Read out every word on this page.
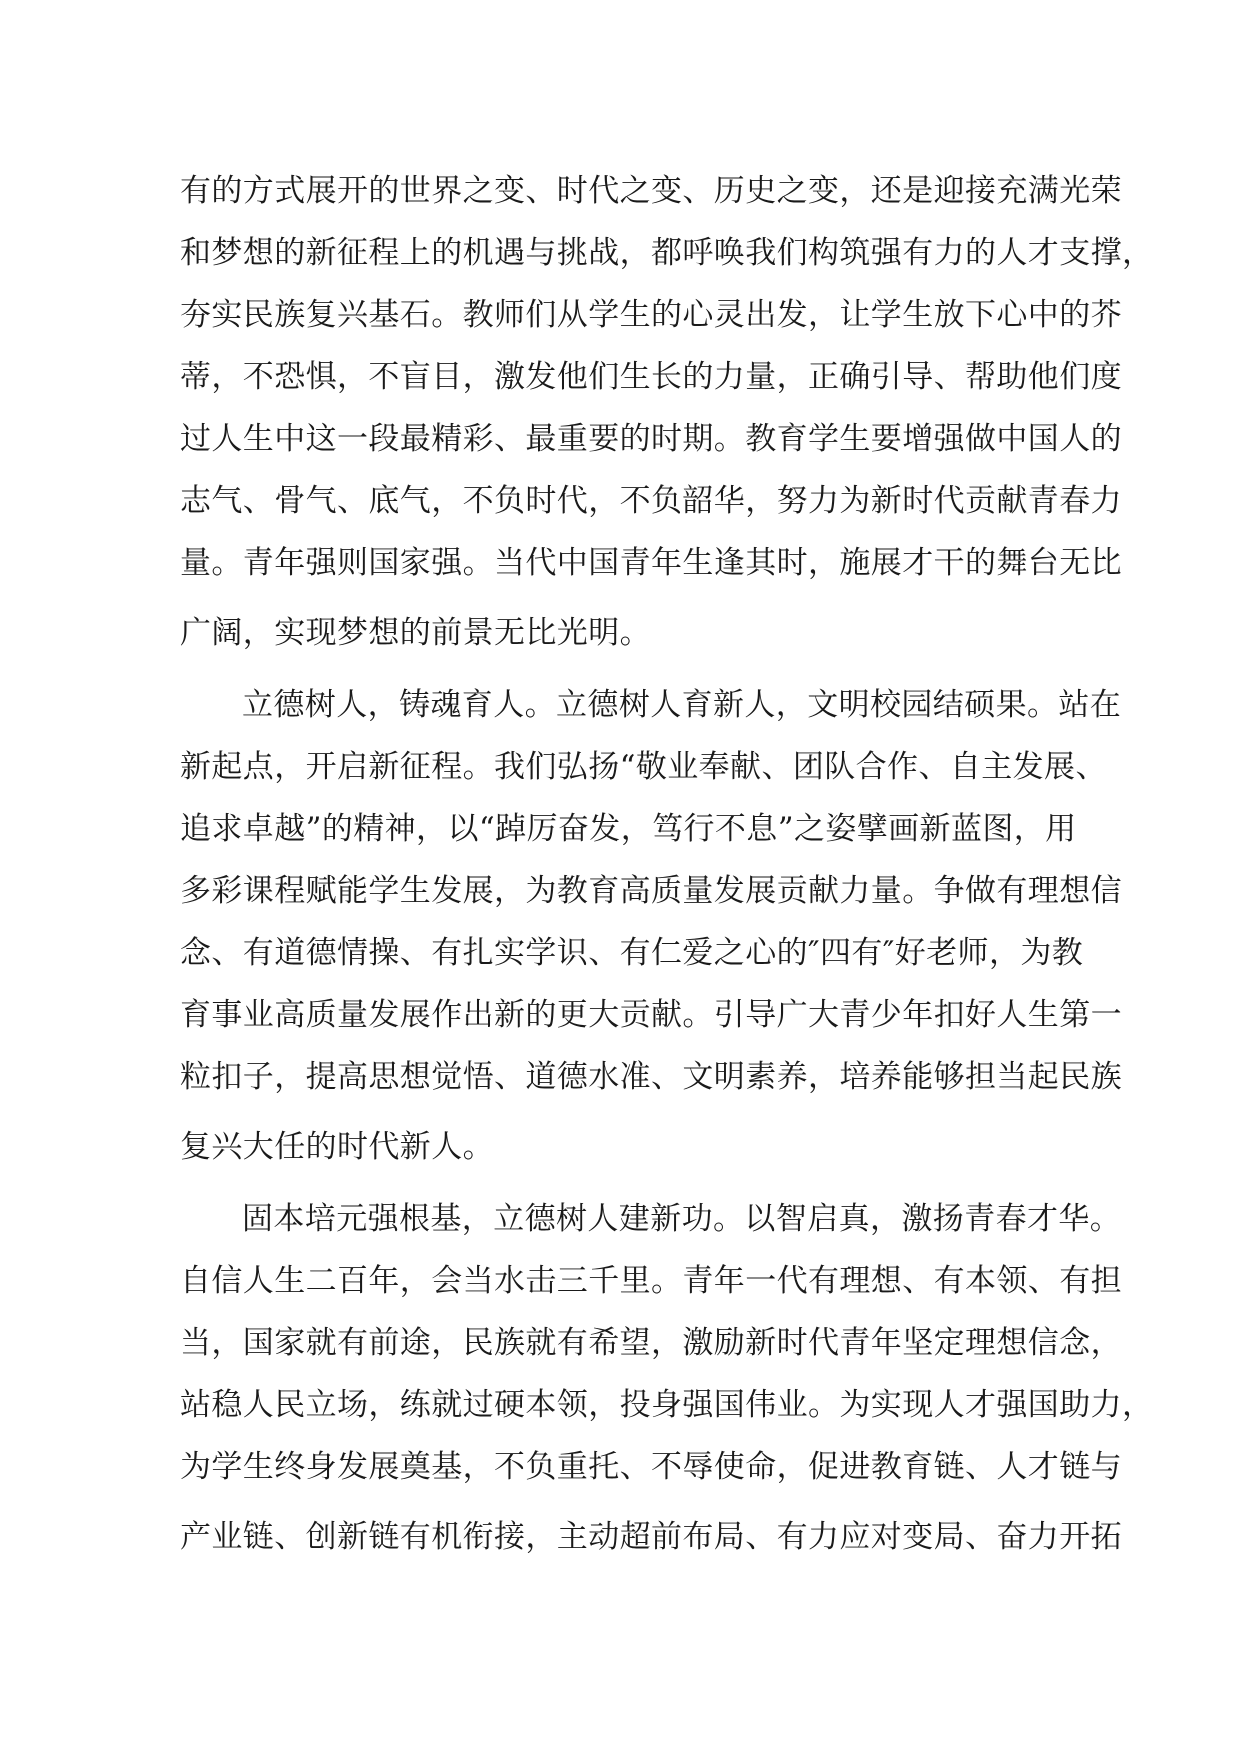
有的方式展开的世界之变、时代之变、历史之变，还是迎接充满光荣
和梦想的新征程上的机遇与挑战，都呼唤我们构筑强有力的人才支撑，
夯实民族复兴基石。教师们从学生的心灵出发，让学生放下心中的芥
蒂，不恐惧，不盲目，激发他们生长的力量，正确引导、帮助他们度
过人生中这一段最精彩、最重要的时期。教育学生要增强做中国人的
志气、骨气、底气，不负时代，不负韶华，努力为新时代贡献青春力
量。青年强则国家强。当代中国青年生逢其时，施展才干的舞台无比
广阔，实现梦想的前景无比光明。
立德树人，铸魂育人。立德树人育新人，文明校园结硕果。站在
新起点，开启新征程。我们弘扬“敬业奉献、团队合作、自主发展、
追求卓越”的精神，以“踔厉奋发，笃行不息”之姿擘画新蓝图，用
多彩课程赋能学生发展，为教育高质量发展贡献力量。争做有理想信
念、有道德情操、有扎实学识、有仁爱之心的″四有″好老师，为教
育事业高质量发展作出新的更大贡献。引导广大青少年扣好人生第一
粒扣子，提高思想觉悟、道德水准、文明素养，培养能够担当起民族
复兴大任的时代新人。
固本培元强根基，立德树人建新功。以智启真，激扬青春才华。
自信人生二百年，会当水击三千里。青年一代有理想、有本领、有担
当，国家就有前途，民族就有希望，激励新时代青年坚定理想信念，
站稳人民立场，练就过硬本领，投身强国伟业。为实现人才强国助力，
为学生终身发展奠基，不负重托、不辱使命，促进教育链、人才链与
产业链、创新链有机衔接，主动超前布局、有力应对变局、奋力开拓
